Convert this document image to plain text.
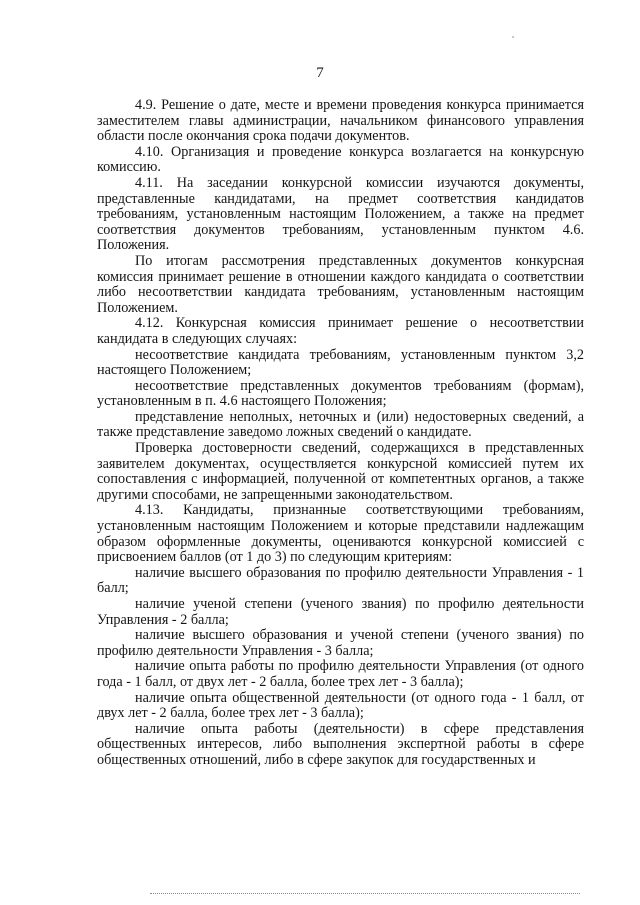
7

4.9. Решение о дате, месте и времени проведения конкурса принимается заместителем главы администрации, начальником финансового управления области после окончания срока подачи документов.

4.10. Организация и проведение конкурса возлагается на конкурсную комиссию.

4.11. На заседании конкурсной комиссии изучаются документы, представленные кандидатами, на предмет соответствия кандидатов требованиям, установленным настоящим Положением, а также на предмет соответствия документов требованиям, установленным пунктом 4.6. Положения.

По итогам рассмотрения представленных документов конкурсная комиссия принимает решение в отношении каждого кандидата о соответствии либо несоответствии кандидата требованиям, установленным настоящим Положением.

4.12. Конкурсная комиссия принимает решение о несоответствии кандидата в следующих случаях:

несоответствие кандидата требованиям, установленным пунктом 3,2 настоящего Положением;

несоответствие представленных документов требованиям (формам), установленным в п. 4.6 настоящего Положения;

представление неполных, неточных и (или) недостоверных сведений, а также представление заведомо ложных сведений о кандидате.

Проверка достоверности сведений, содержащихся в представленных заявителем документах, осуществляется конкурсной комиссией путем их сопоставления с информацией, полученной от компетентных органов, а также другими способами, не запрещенными законодательством.

4.13. Кандидаты, признанные соответствующими требованиям, установленным настоящим Положением и которые представили надлежащим образом оформленные документы, оцениваются конкурсной комиссией с присвоением баллов (от 1 до 3) по следующим критериям:

наличие высшего образования по профилю деятельности Управления - 1 балл;

наличие ученой степени (ученого звания) по профилю деятельности Управления - 2 балла;

наличие высшего образования и ученой степени (ученого звания) по профилю деятельности Управления - 3 балла;

наличие опыта работы по профилю деятельности Управления (от одного года - 1 балл, от двух лет - 2 балла, более трех лет - 3 балла);

наличие опыта общественной деятельности (от одного года - 1 балл, от двух лет - 2 балла, более трех лет - 3 балла);

наличие опыта работы (деятельности) в сфере представления общественных интересов, либо выполнения экспертной работы в сфере общественных отношений, либо в сфере закупок для государственных и
